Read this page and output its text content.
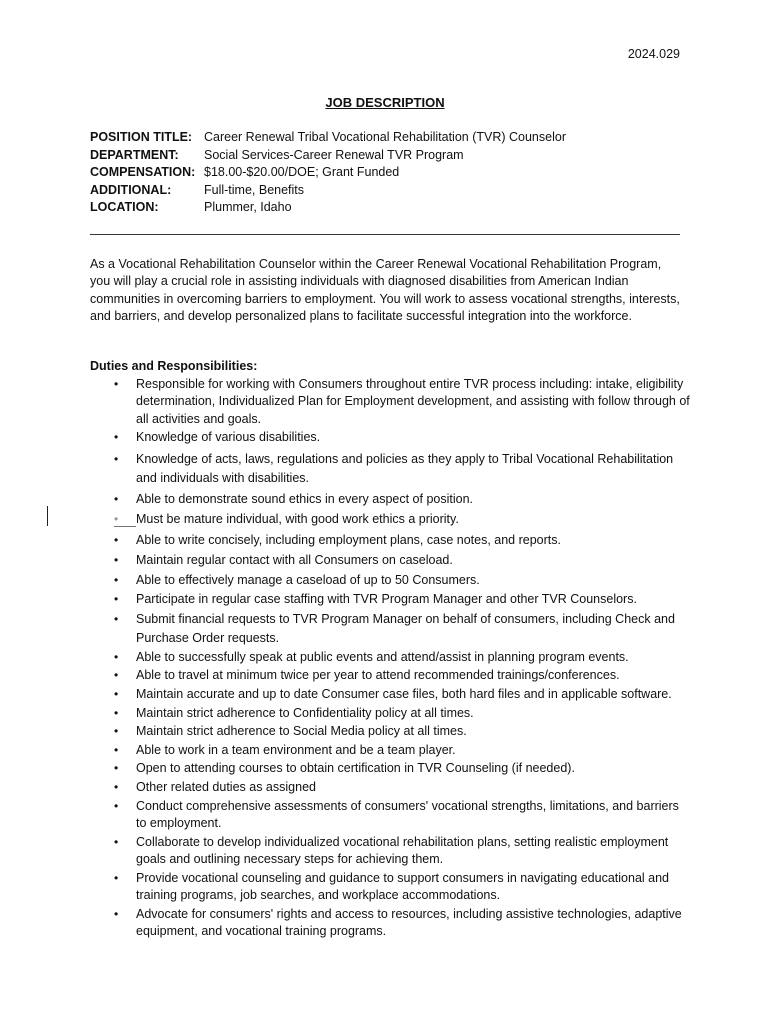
2024.029
JOB DESCRIPTION
POSITION TITLE: Career Renewal Tribal Vocational Rehabilitation (TVR) Counselor
DEPARTMENT:	Social Services-Career Renewal TVR Program
COMPENSATION: $18.00-$20.00/DOE; Grant Funded
ADDITIONAL:	Full-time, Benefits
LOCATION:	Plummer, Idaho
As a Vocational Rehabilitation Counselor within the Career Renewal Vocational Rehabilitation Program, you will play a crucial role in assisting individuals with diagnosed disabilities from American Indian communities in overcoming barriers to employment. You will work to assess vocational strengths, interests, and barriers, and develop personalized plans to facilitate successful integration into the workforce.
Duties and Responsibilities:
• Responsible for working with Consumers throughout entire TVR process including: intake, eligibility determination, Individualized Plan for Employment development, and assisting with follow through of all activities and goals.
• Knowledge of various disabilities.
• Knowledge of acts, laws, regulations and policies as they apply to Tribal Vocational Rehabilitation and individuals with disabilities.
• Able to demonstrate sound ethics in every aspect of position.
• Must be mature individual, with good work ethics a priority.
• Able to write concisely, including employment plans, case notes, and reports.
• Maintain regular contact with all Consumers on caseload.
• Able to effectively manage a caseload of up to 50 Consumers.
• Participate in regular case staffing with TVR Program Manager and other TVR Counselors.
• Submit financial requests to TVR Program Manager on behalf of consumers, including Check and Purchase Order requests.
• Able to successfully speak at public events and attend/assist in planning program events.
• Able to travel at minimum twice per year to attend recommended trainings/conferences.
• Maintain accurate and up to date Consumer case files, both hard files and in applicable software.
• Maintain strict adherence to Confidentiality policy at all times.
• Maintain strict adherence to Social Media policy at all times.
• Able to work in a team environment and be a team player.
• Open to attending courses to obtain certification in TVR Counseling (if needed).
• Other related duties as assigned
• Conduct comprehensive assessments of consumers' vocational strengths, limitations, and barriers to employment.
• Collaborate to develop individualized vocational rehabilitation plans, setting realistic employment goals and outlining necessary steps for achieving them.
• Provide vocational counseling and guidance to support consumers in navigating educational and training programs, job searches, and workplace accommodations.
• Advocate for consumers' rights and access to resources, including assistive technologies, adaptive equipment, and vocational training programs.
